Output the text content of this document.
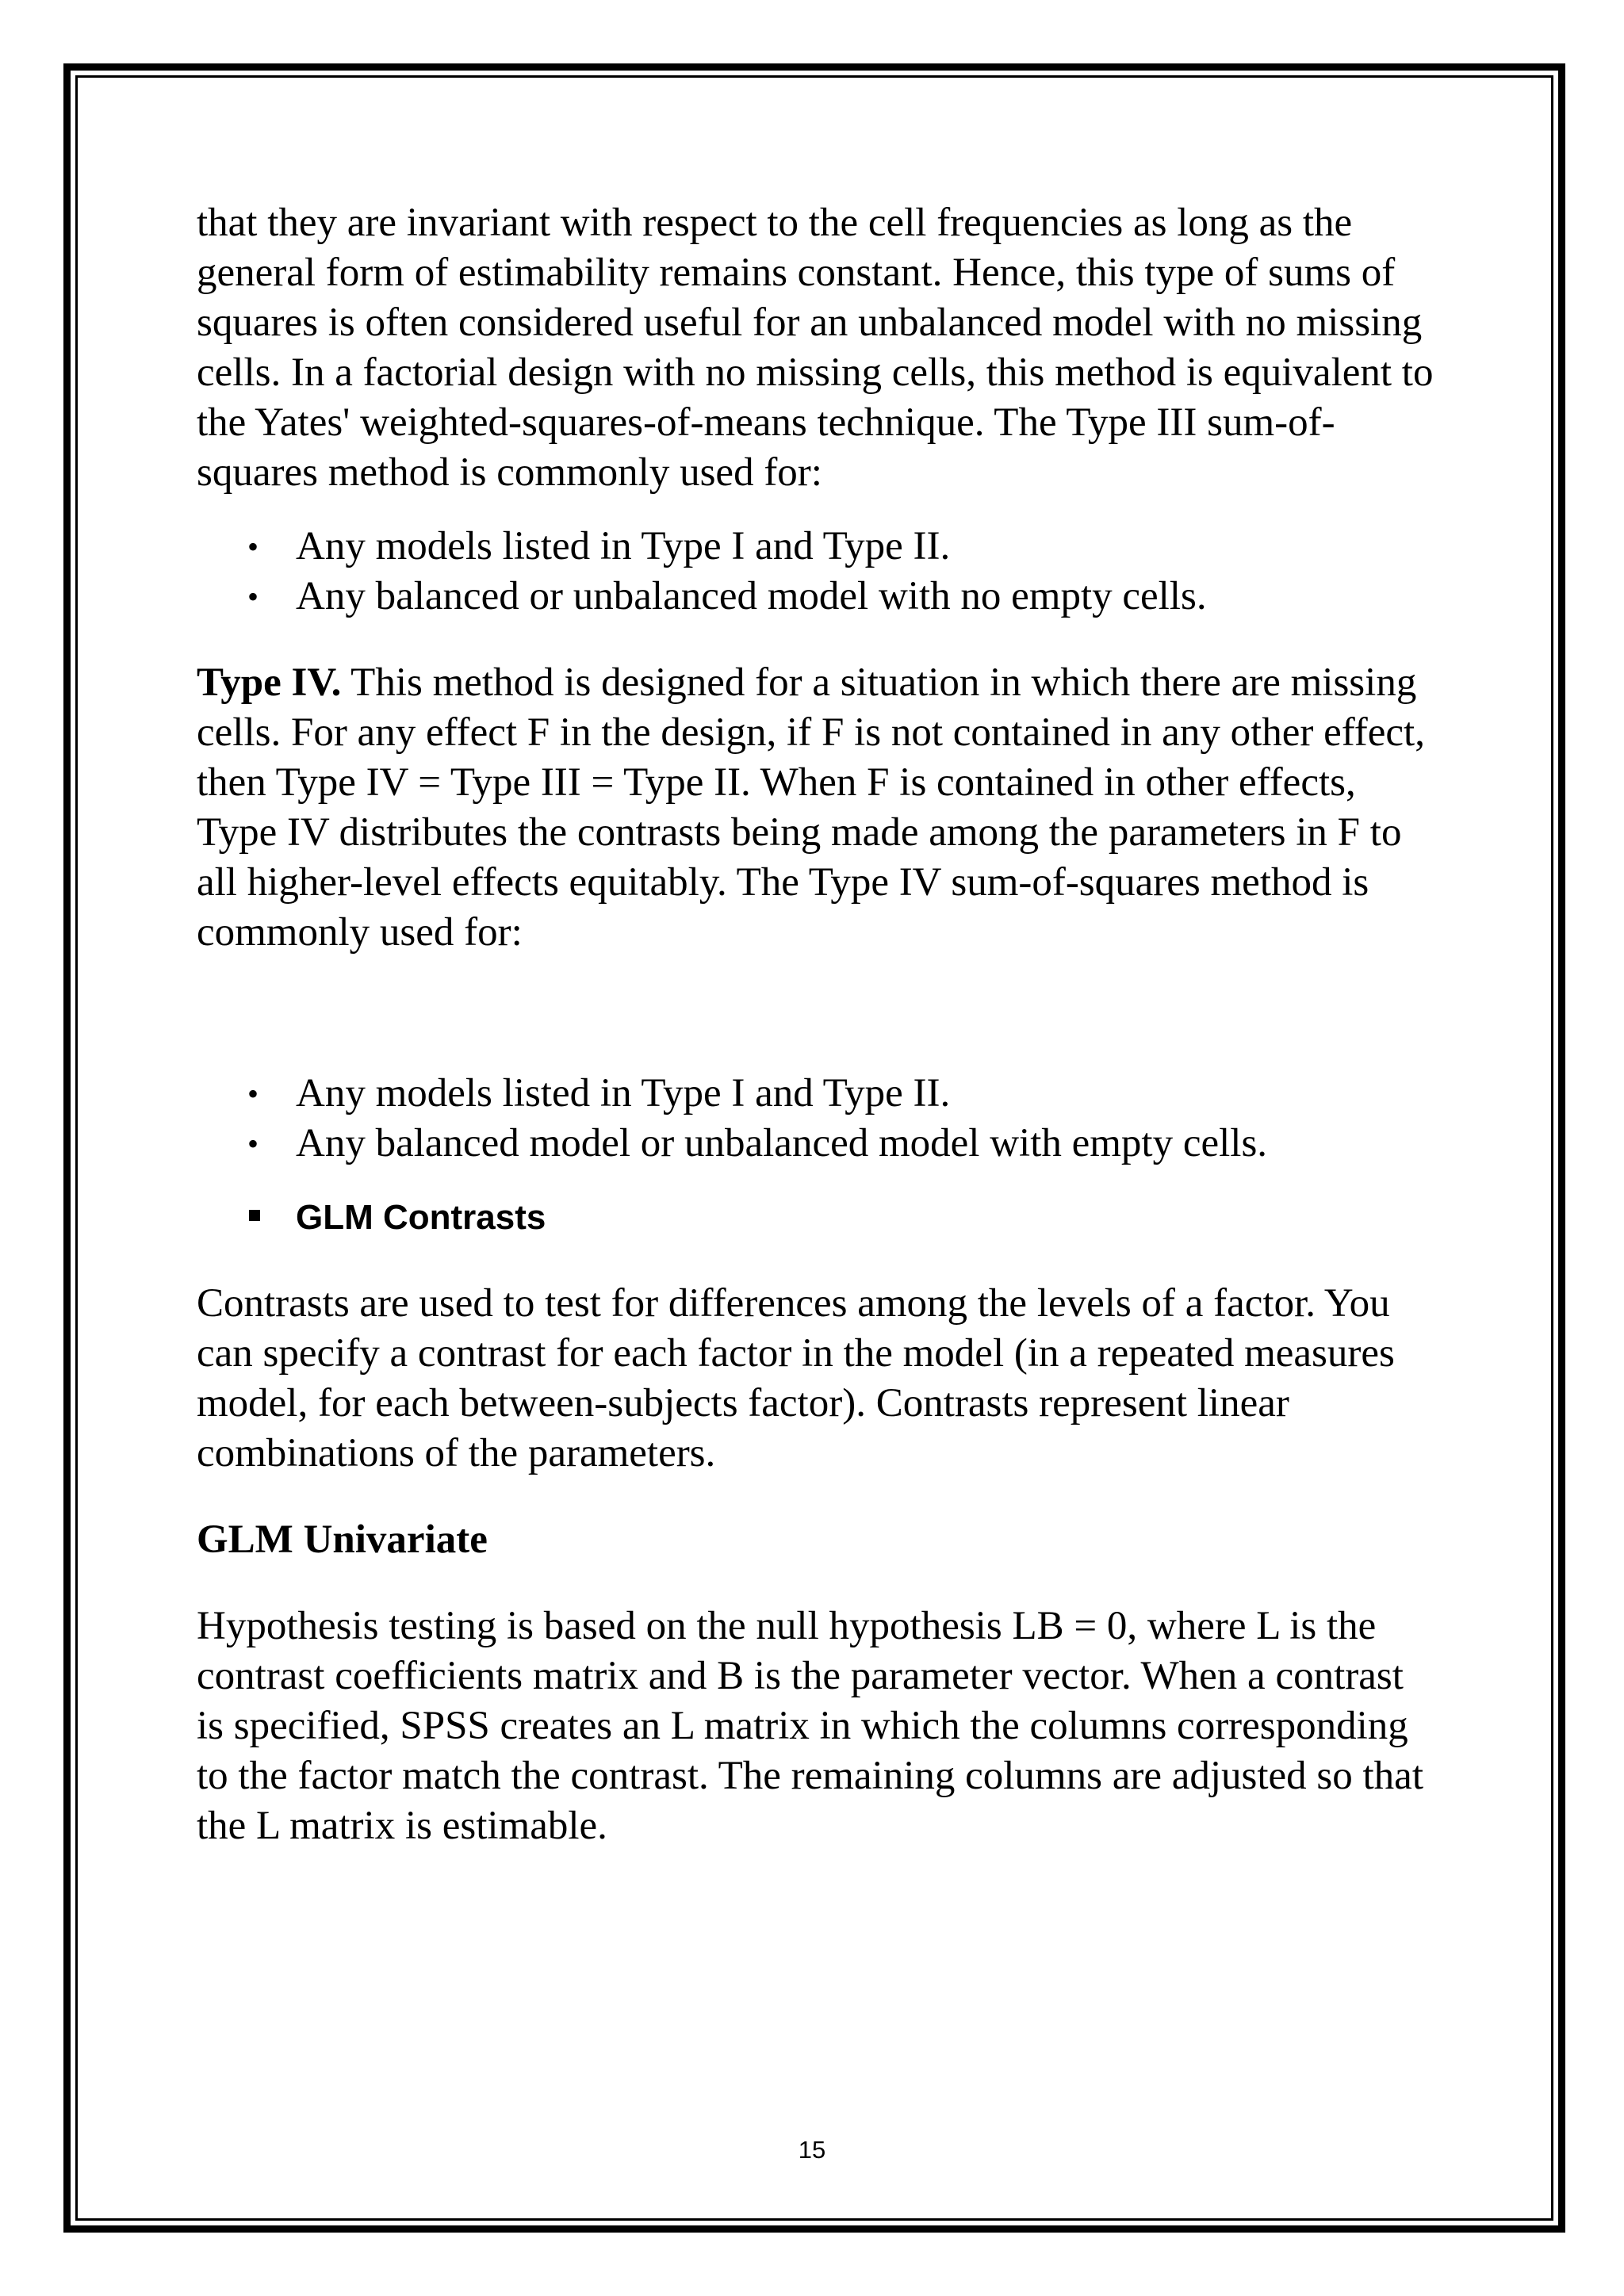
that they are invariant with respect to the cell frequencies as long as the general form of estimability remains constant. Hence, this type of sums of squares is often considered useful for an unbalanced model with no missing cells. In a factorial design with no missing cells, this method is equivalent to the Yates' weighted-squares-of-means technique. The Type III sum-of-squares method is commonly used for:

• Any models listed in Type I and Type II.
• Any balanced or unbalanced model with no empty cells.

Type IV. This method is designed for a situation in which there are missing cells. For any effect F in the design, if F is not contained in any other effect, then Type IV = Type III = Type II. When F is contained in other effects, Type IV distributes the contrasts being made among the parameters in F to all higher-level effects equitably. The Type IV sum-of-squares method is commonly used for:

• Any models listed in Type I and Type II.
• Any balanced model or unbalanced model with empty cells.
GLM Contrasts

Contrasts are used to test for differences among the levels of a factor. You can specify a contrast for each factor in the model (in a repeated measures model, for each between-subjects factor). Contrasts represent linear combinations of the parameters.

GLM Univariate

Hypothesis testing is based on the null hypothesis LB = 0, where L is the contrast coefficients matrix and B is the parameter vector. When a contrast is specified, SPSS creates an L matrix in which the columns corresponding to the factor match the contrast. The remaining columns are adjusted so that the L matrix is estimable.

15
